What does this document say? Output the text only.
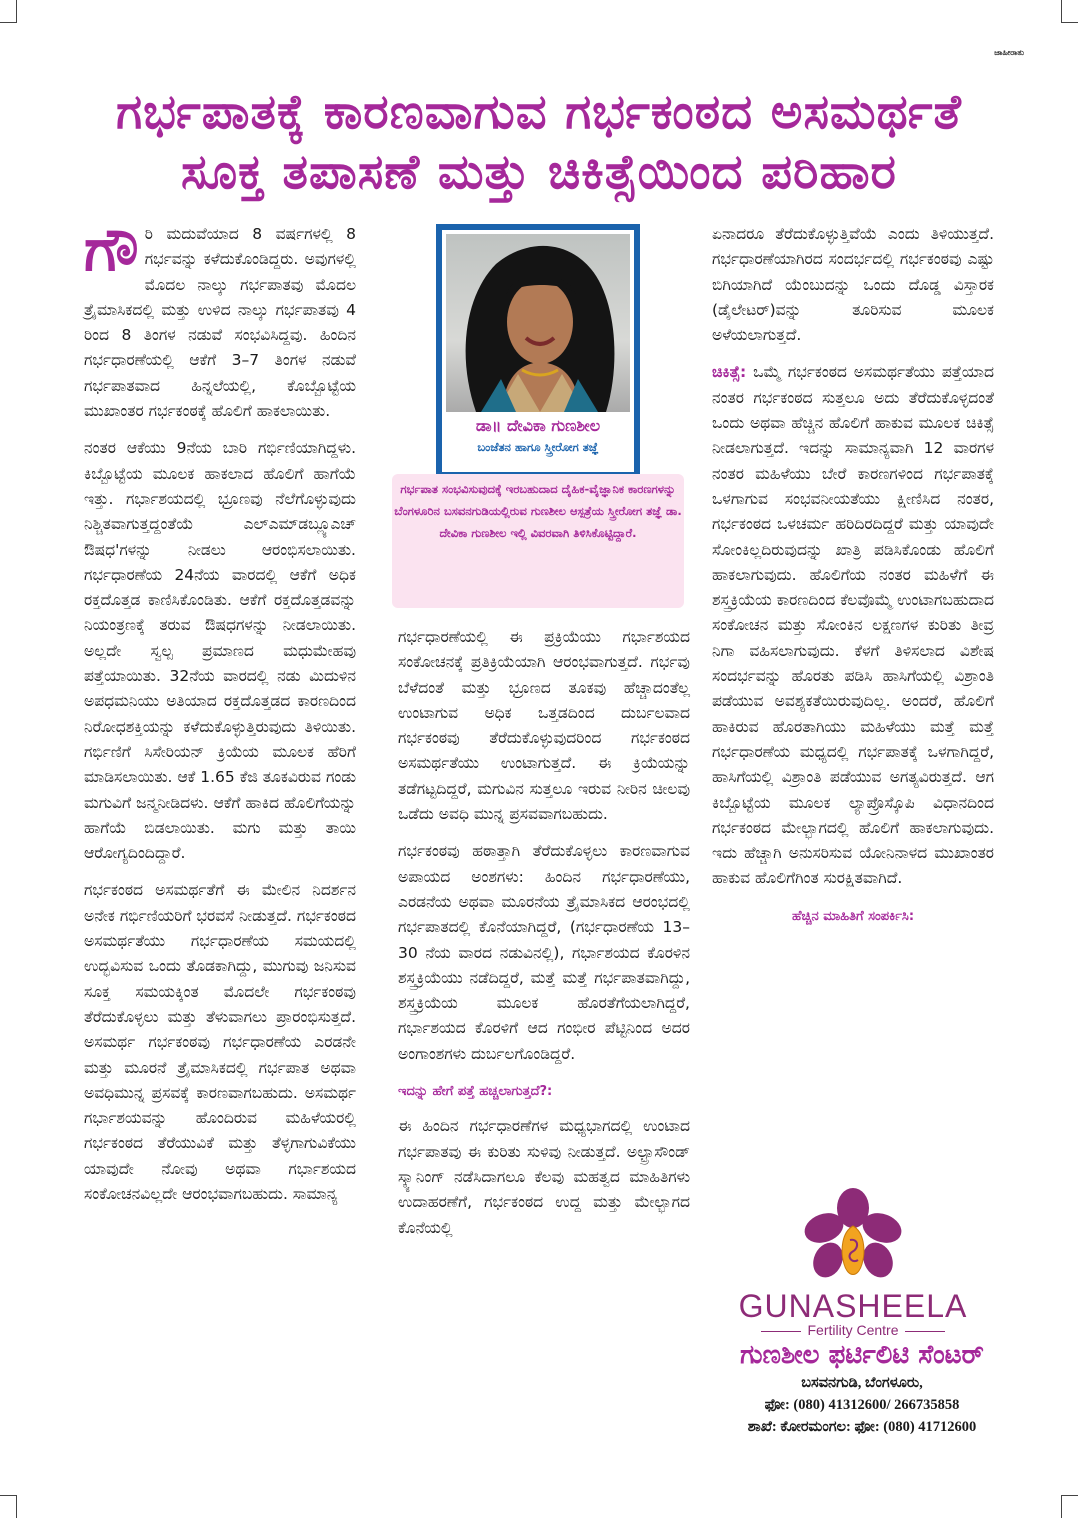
ಜಾಹೀರಾತು
ಗರ್ಭಪಾತಕ್ಕೆ ಕಾರಣವಾಗುವ ಗರ್ಭಕಂಠದ ಅಸಮರ್ಥತೆ
ಸೂಕ್ತ ತಪಾಸಣೆ ಮತ್ತು ಚಿಕಿತ್ಸೆಯಿಂದ ಪರಿಹಾರ

ಗೌ ರಿ ಮದುವೆಯಾದ 8 ವರ್ಷಗಳಲ್ಲಿ 8 ಗರ್ಭವನ್ನು ಕಳೆದುಕೊಂಡಿದ್ದರು. ಅವುಗಳಲ್ಲಿ ಮೊದಲ ನಾಲ್ಕು ಗರ್ಭಪಾತವು ಮೊದಲ ತ್ರೈಮಾಸಿಕದಲ್ಲಿ ಮತ್ತು ಉಳಿದ ನಾಲ್ಕು ಗರ್ಭಪಾತವು 4 ರಿಂದ 8 ತಿಂಗಳ ನಡುವೆ ಸಂಭವಿಸಿದ್ದವು. ಹಿಂದಿನ ಗರ್ಭಧಾರಣೆಯಲ್ಲಿ ಆಕೆಗೆ 3–7 ತಿಂಗಳ ನಡುವೆ ಗರ್ಭಪಾತವಾದ ಹಿನ್ನಲೆಯಲ್ಲಿ, ಕೊಬ್ಬೊಟ್ಟೆಯ ಮುಖಾಂತರ ಗರ್ಭಕಂಠಕ್ಕೆ ಹೊಲಿಗೆ ಹಾಕಲಾಯಿತು.

ನಂತರ ಆಕೆಯು 9ನೆಯ ಬಾರಿ ಗರ್ಭಿಣಿಯಾಗಿದ್ದಳು. ಕಿಬ್ಬೊಟ್ಟೆಯ ಮೂಲಕ ಹಾಕಲಾದ ಹೊಲಿಗೆ ಹಾಗೆಯೆ ಇತ್ತು. ಗರ್ಭಾಶಯದಲ್ಲಿ ಭ್ರೂಣವು ನೆಲೆಗೊಳ್ಳುವುದು ನಿಶ್ಚಿತವಾಗುತ್ತದ್ದಂತೆಯೆ ಎಲ್‌ಎಮ್‌ಡಬ್ಲ್ಯೂಎಚ್ ಔಷಧ'ಗಳನ್ನು ನೀಡಲು ಆರಂಭಿಸಲಾಯಿತು. ಗರ್ಭಧಾರಣೆಯ 24ನೆಯ ವಾರದಲ್ಲಿ ಆಕೆಗೆ ಅಧಿಕ ರಕ್ತದೊತ್ತಡ ಕಾಣಿಸಿಕೊಂಡಿತು. ಆಕೆಗೆ ರಕ್ತದೊತ್ತಡವನ್ನು ನಿಯಂತ್ರಣಕ್ಕೆ ತರುವ ಔಷಧಗಳನ್ನು ನೀಡಲಾಯಿತು. ಅಲ್ಲದೇ ಸ್ವಲ್ಪ ಪ್ರಮಾಣದ ಮಧುಮೇಹವು ಪತ್ತೆಯಾಯಿತು. 32ನೆಯ ವಾರದಲ್ಲಿ ನಡು ಮಿದುಳಿನ ಅಪಧಮನಿಯು ಅತಿಯಾದ ರಕ್ತದೊತ್ತಡದ ಕಾರಣದಿಂದ ನಿರೋಧಶಕ್ತಿಯನ್ನು ಕಳೆದುಕೊಳ್ಳುತ್ತಿರುವುದು ತಿಳಿಯಿತು. ಗರ್ಭಿಣಿಗೆ ಸಿಸೇರಿಯನ್ ಕ್ರಿಯೆಯ ಮೂಲಕ ಹೆರಿಗೆ ಮಾಡಿಸಲಾಯಿತು. ಆಕೆ 1.65 ಕೆಜಿ ತೂಕವಿರುವ ಗಂಡು ಮಗುವಿಗೆ ಜನ್ಮನೀಡಿದಳು. ಆಕೆಗೆ ಹಾಕಿದ ಹೊಲಿಗೆಯನ್ನು ಹಾಗೆಯೆ ಬಿಡಲಾಯಿತು. ಮಗು ಮತ್ತು ತಾಯಿ ಆರೋಗ್ಯದಿಂದಿದ್ದಾರೆ.

ಗರ್ಭಕಂಠದ ಅಸಮರ್ಥತೆಗೆ ಈ ಮೇಲಿನ ನಿದರ್ಶನ ಅನೇಕ ಗರ್ಭಿಣಿಯರಿಗೆ ಭರವಸೆ ನೀಡುತ್ತದೆ. ಗರ್ಭಕಂಠದ ಅಸಮರ್ಥತೆಯು ಗರ್ಭಧಾರಣೆಯ ಸಮಯದಲ್ಲಿ ಉದ್ಭವಿಸುವ ಒಂದು ತೊಡಕಾಗಿದ್ದು, ಮುಗುವು ಜನಿಸುವ ಸೂಕ್ತ ಸಮಯಕ್ಕಿಂತ ಮೊದಲೇ ಗರ್ಭಕಂಠವು ತೆರೆದುಕೊಳ್ಳಲು ಮತ್ತು ತೆಳುವಾಗಲು ಪ್ರಾರಂಭಿಸುತ್ತದೆ. ಅಸಮರ್ಥ ಗರ್ಭಕಂಠವು ಗರ್ಭಧಾರಣೆಯ ಎರಡನೇ ಮತ್ತು ಮೂರನೆ ತ್ರೈಮಾಸಿಕದಲ್ಲಿ ಗರ್ಭಪಾತ ಅಥವಾ ಅವಧಿಮುನ್ನ ಪ್ರಸವಕ್ಕೆ ಕಾರಣವಾಗಬಹುದು. ಅಸಮರ್ಥ ಗರ್ಭಾಶಯವನ್ನು ಹೊಂದಿರುವ ಮಹಿಳೆಯರಲ್ಲಿ ಗರ್ಭಕಂಠದ ತೆರೆಯುವಿಕೆ ಮತ್ತು ತೆಳ್ಳಗಾಗುವಿಕೆಯು ಯಾವುದೇ ನೋವು ಅಥವಾ ಗರ್ಭಾಶಯದ ಸಂಕೋಚನವಿಲ್ಲದೇ ಆರಂಭವಾಗಬಹುದು. ಸಾಮಾನ್ಯ

ಡಾ॥ ದೇವಿಕಾ ಗುಣಶೀಲ
ಬಂಜೆತನ ಹಾಗೂ ಸ್ತ್ರೀರೋಗ ತಜ್ಞೆ
ಗರ್ಭಪಾತ ಸಂಭವಿಸುವುದಕ್ಕೆ ಇರಬಹುದಾದ ದೈಹಿಕ-ವೈಜ್ಞಾನಿಕ ಕಾರಣಗಳನ್ನು ಬೆಂಗಳೂರಿನ ಬಸವನಗುಡಿಯಲ್ಲಿರುವ ಗುಣಶೀಲ ಆಸ್ಪತ್ರೆಯ ಸ್ತ್ರೀರೋಗ ತಜ್ಞೆ ಡಾ. ದೇವಿಕಾ ಗುಣಶೀಲ ಇಲ್ಲಿ ವಿವರವಾಗಿ ತಿಳಿಸಿಕೊಟ್ಟಿದ್ದಾರೆ.

ಗರ್ಭಧಾರಣೆಯಲ್ಲಿ ಈ ಪ್ರಕ್ರಿಯೆಯು ಗರ್ಭಾಶಯದ ಸಂಕೋಚನಕ್ಕೆ ಪ್ರತಿಕ್ರಿಯೆಯಾಗಿ ಆರಂಭವಾಗುತ್ತದೆ. ಗರ್ಭವು ಬೆಳೆದಂತೆ ಮತ್ತು ಭ್ರೂಣದ ತೂಕವು ಹೆಚ್ಚಾದಂತೆಲ್ಲ ಉಂಟಾಗುವ ಅಧಿಕ ಒತ್ತಡದಿಂದ ದುರ್ಬಲವಾದ ಗರ್ಭಕಂಠವು ತೆರೆದುಕೊಳ್ಳುವುದರಿಂದ ಗರ್ಭಕಂಠದ ಅಸಮರ್ಥತೆಯು ಉಂಟಾಗುತ್ತದೆ. ಈ ಕ್ರಿಯೆಯನ್ನು ತಡೆಗಟ್ಟದಿದ್ದರೆ, ಮಗುವಿನ ಸುತ್ತಲೂ ಇರುವ ನೀರಿನ ಚೀಲವು ಒಡೆದು ಅವಧಿ ಮುನ್ನ ಪ್ರಸವವಾಗಬಹುದು.

ಗರ್ಭಕಂಠವು ಹಠಾತ್ತಾಗಿ ತೆರೆದುಕೊಳ್ಳಲು ಕಾರಣವಾಗುವ ಅಪಾಯದ ಅಂಶಗಳು: ಹಿಂದಿನ ಗರ್ಭಧಾರಣೆಯು, ಎರಡನೆಯ ಅಥವಾ ಮೂರನೆಯ ತ್ರೈಮಾಸಿಕದ ಆರಂಭದಲ್ಲಿ ಗರ್ಭಪಾತದಲ್ಲಿ ಕೊನೆಯಾಗಿದ್ದರೆ, (ಗರ್ಭಧಾರಣೆಯ 13–30 ನೆಯ ವಾರದ ನಡುವಿನಲ್ಲಿ), ಗರ್ಭಾಶಯದ ಕೊರಳಿನ ಶಸ್ತ್ರಕ್ರಿಯೆಯು ನಡೆದಿದ್ದರೆ, ಮತ್ತೆ ಮತ್ತೆ ಗರ್ಭಪಾತವಾಗಿದ್ದು, ಶಸ್ತ್ರಕ್ರಿಯೆಯ ಮೂಲಕ ಹೊರತೆಗೆಯಲಾಗಿದ್ದರೆ, ಗರ್ಭಾಶಯದ ಕೊರಳಿಗೆ ಆದ ಗಂಭೀರ ಪೆಟ್ಟಿನಿಂದ ಅದರ ಅಂಗಾಂಶಗಳು ದುರ್ಬಲಗೊಂಡಿದ್ದರೆ.

ಇದನ್ನು ಹೇಗೆ ಪತ್ತೆ ಹಚ್ಚಲಾಗುತ್ತದೆ?:

ಈ ಹಿಂದಿನ ಗರ್ಭಧಾರಣೆಗಳ ಮಧ್ಯಭಾಗದಲ್ಲಿ ಉಂಟಾದ ಗರ್ಭಪಾತವು ಈ ಕುರಿತು ಸುಳಿವು ನೀಡುತ್ತದೆ. ಅಲ್ಟ್ರಾಸೌಂಡ್ ಸ್ಕ್ಯಾನಿಂಗ್ ನಡೆಸಿದಾಗಲೂ ಕೆಲವು ಮಹತ್ವದ ಮಾಹಿತಿಗಳು ಉದಾಹರಣೆಗೆ, ಗರ್ಭಕಂಠದ ಉದ್ದ ಮತ್ತು ಮೇಲ್ಭಾಗದ ಕೊನೆಯಲ್ಲಿ

ಏನಾದರೂ ತೆರೆದುಕೊಳ್ಳುತ್ತಿವೆಯೆ ಎಂದು ತಿಳಿಯುತ್ತದೆ. ಗರ್ಭಧಾರಣೆಯಾಗಿರದ ಸಂದರ್ಭದಲ್ಲಿ ಗರ್ಭಕಂಠವು ಎಷ್ಟು ಬಿಗಿಯಾಗಿದೆ ಯೆಂಬುದನ್ನು ಒಂದು ದೊಡ್ಡ ವಿಸ್ತಾರಕ (ಡೈಲೇಟರ್)ವನ್ನು ತೂರಿಸುವ ಮೂಲಕ ಅಳೆಯಲಾಗುತ್ತದೆ.

ಚಿಕಿತ್ಸೆ: ಒಮ್ಮೆ ಗರ್ಭಕಂಠದ ಅಸಮರ್ಥತೆಯು ಪತ್ತೆಯಾದ ನಂತರ ಗರ್ಭಕಂಠದ ಸುತ್ತಲೂ ಅದು ತೆರೆದುಕೊಳ್ಳದಂತೆ ಒಂದು ಅಥವಾ ಹೆಚ್ಚಿನ ಹೊಲಿಗೆ ಹಾಕುವ ಮೂಲಕ ಚಿಕಿತ್ಸೆ ನೀಡಲಾಗುತ್ತದೆ. ಇದನ್ನು ಸಾಮಾನ್ಯವಾಗಿ 12 ವಾರಗಳ ನಂತರ ಮಹಿಳೆಯು ಬೇರೆ ಕಾರಣಗಳಿಂದ ಗರ್ಭಪಾತಕ್ಕೆ ಒಳಗಾಗುವ ಸಂಭವನೀಯತೆಯು ಕ್ಷೀಣಿಸಿದ ನಂತರ, ಗರ್ಭಕಂಠದ ಒಳಚರ್ಮ ಹರಿದಿರದಿದ್ದರೆ ಮತ್ತು ಯಾವುದೇ ಸೋಂಕಿಲ್ಲದಿರುವುದನ್ನು ಖಾತ್ರಿ ಪಡಿಸಿಕೊಂಡು ಹೊಲಿಗೆ ಹಾಕಲಾಗುವುದು. ಹೊಲಿಗೆಯ ನಂತರ ಮಹಿಳೆಗೆ ಈ ಶಸ್ತ್ರಕ್ರಿಯೆಯ ಕಾರಣದಿಂದ ಕೆಲವೊಮ್ಮೆ ಉಂಟಾಗಬಹುದಾದ ಸಂಕೋಚನ ಮತ್ತು ಸೋಂಕಿನ ಲಕ್ಷಣಗಳ ಕುರಿತು ತೀವ್ರ ನಿಗಾ ವಹಿಸಲಾಗುವುದು. ಕೆಳಗೆ ತಿಳಿಸಲಾದ ವಿಶೇಷ ಸಂದರ್ಭವನ್ನು ಹೊರತು ಪಡಿಸಿ ಹಾಸಿಗೆಯಲ್ಲಿ ವಿಶ್ರಾಂತಿ ಪಡೆಯುವ ಅವಶ್ಯಕತೆಯಿರುವುದಿಲ್ಲ. ಅಂದರೆ, ಹೊಲಿಗೆ ಹಾಕಿರುವ ಹೊರತಾಗಿಯು ಮಹಿಳೆಯು ಮತ್ತೆ ಮತ್ತೆ ಗರ್ಭಧಾರಣೆಯ ಮಧ್ಯದಲ್ಲಿ ಗರ್ಭಪಾತಕ್ಕೆ ಒಳಗಾಗಿದ್ದರೆ, ಹಾಸಿಗೆಯಲ್ಲಿ ವಿಶ್ರಾಂತಿ ಪಡೆಯುವ ಅಗತ್ಯವಿರುತ್ತದೆ. ಆಗ ಕಿಬ್ಬೊಟ್ಟೆಯ ಮೂಲಕ ಲ್ಯಾಪ್ರೊಸ್ಕೊಪಿ ವಿಧಾನದಿಂದ ಗರ್ಭಕಂಠದ ಮೇಲ್ಭಾಗದಲ್ಲಿ ಹೊಲಿಗೆ ಹಾಕಲಾಗುವುದು. ಇದು ಹೆಚ್ಚಾಗಿ ಅನುಸರಿಸುವ ಯೋನಿನಾಳದ ಮುಖಾಂತರ ಹಾಕುವ ಹೊಲಿಗೆಗಿಂತ ಸುರಕ್ಷಿತವಾಗಿದೆ.

ಹೆಚ್ಚಿನ ಮಾಹಿತಿಗೆ ಸಂಪರ್ಕಿಸಿ:
GUNASHEELA
Fertility Centre
ಗುಣಶೀಲ ಫರ್ಟಿಲಿಟಿ ಸೆಂಟರ್
ಬಸವನಗುಡಿ, ಬೆಂಗಳೂರು,
ಫೋ: (080) 41312600/ 266735858
ಶಾಖೆ: ಕೋರಮಂಗಲ: ಫೋ: (080) 41712600
